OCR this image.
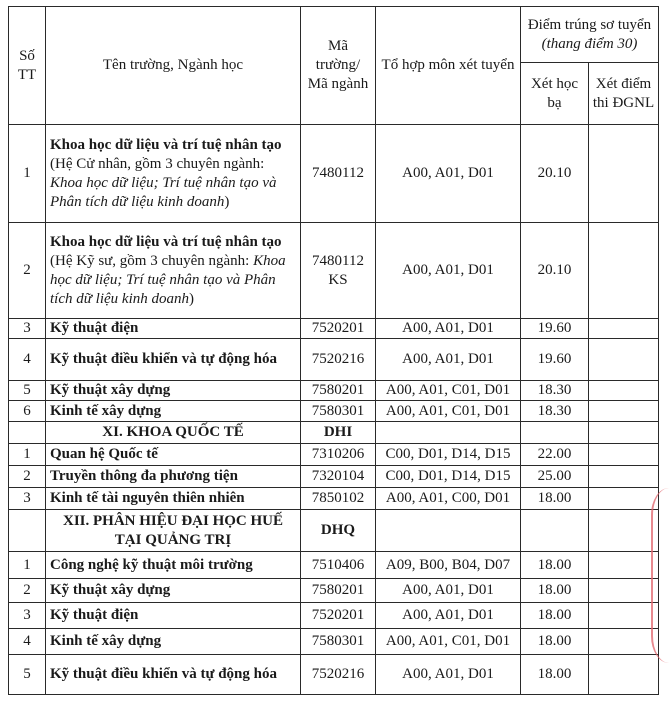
Số TT	Tên trường, Ngành học	Mã trường/ Mã ngành	Tổ hợp môn xét tuyển	Điểm trúng sơ tuyển (thang điểm 30)	
				Xét học bạ	Xét điểm thi ĐGNL
1	Khoa học dữ liệu và trí tuệ nhân tạo (Hệ Cử nhân, gồm 3 chuyên ngành: Khoa học dữ liệu; Trí tuệ nhân tạo và Phân tích dữ liệu kinh doanh)	7480112	A00, A01, D01	20.10	
2	Khoa học dữ liệu và trí tuệ nhân tạo (Hệ Kỹ sư, gồm 3 chuyên ngành: Khoa học dữ liệu; Trí tuệ nhân tạo và Phân tích dữ liệu kinh doanh)	7480112 KS	A00, A01, D01	20.10	
3	Kỹ thuật điện	7520201	A00, A01, D01	19.60	
4	Kỹ thuật điều khiển và tự động hóa	7520216	A00, A01, D01	19.60	
5	Kỹ thuật xây dựng	7580201	A00, A01, C01, D01	18.30	
6	Kinh tế xây dựng	7580301	A00, A01, C01, D01	18.30	
	XI. KHOA QUỐC TẾ	DHI			
1	Quan hệ Quốc tế	7310206	C00, D01, D14, D15	22.00	
2	Truyền thông đa phương tiện	7320104	C00, D01, D14, D15	25.00	
3	Kinh tế tài nguyên thiên nhiên	7850102	A00, A01, C00, D01	18.00	
	XII. PHÂN HIỆU ĐẠI HỌC HUẾ TẠI QUẢNG TRỊ	DHQ			
1	Công nghệ kỹ thuật môi trường	7510406	A09, B00, B04, D07	18.00	
2	Kỹ thuật xây dựng	7580201	A00, A01, D01	18.00	
3	Kỹ thuật điện	7520201	A00, A01, D01	18.00	
4	Kinh tế xây dựng	7580301	A00, A01, C01, D01	18.00	
5	Kỹ thuật điều khiển và tự động hóa	7520216	A00, A01, D01	18.00	
